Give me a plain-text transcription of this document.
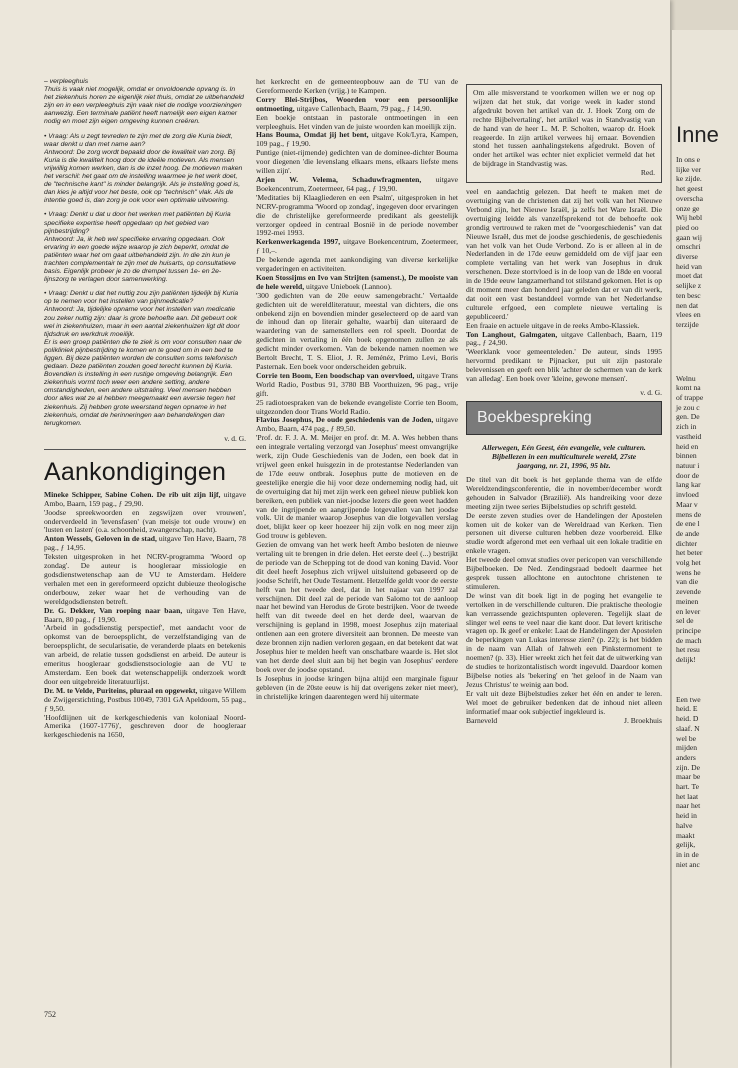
– verpleeghuis
Thuis is vaak niet mogelijk, omdat er onvoldoende opvang is. In het ziekenhuis horen ze eigenlijk niet thuis, omdat ze uitbehandeld zijn en in een verpleeghuis zijn vaak niet de nodige voorzieningen aanwezig. Een terminale patiënt heeft namelijk een eigen kamer nodig en moet zijn eigen omgeving kunnen creëren.

• Vraag: Als u zegt tevreden te zijn met de zorg die Kuria biedt, waar denkt u dan met name aan?
Antwoord: De zorg wordt bepaald door de kwaliteit van zorg. Bij Kuria is die kwaliteit hoog door de ideële motieven. Als mensen vrijwillig komen werken, dan is de inzet hoog. De motieven maken het verschil: het gaat om de instelling waarmee je het werk doet, de "technische kant" is minder belangrijk. Als je instelling goed is, dan kies je altijd voor het beste, ook op "technisch" vlak. Als de intentie goed is, dan zorg je ook voor een optimale uitvoering.

• Vraag: Denkt u dat u door het werken met patiënten bij Kuria specifieke expertise heeft opgedaan op het gebied van pijnbestrijding?
Antwoord: Ja, ik heb wel specifieke ervaring opgedaan. Ook ervaring in een goede wijze waarop je zich beperkt, omdat de patiënten waar het om gaat uitbehandeld zijn. In die zin kun je trachten complementair te zijn met de huisarts, op consultatieve basis. Eigenlijk probeer je zo de drempel tussen 1e- en 2e-lijnszorg te verlagen door samenwerking.

• Vraag: Denkt u dat het nuttig zou zijn patiënten tijdelijk bij Kuria op te nemen voor het instellen van pijnmedicatie?
Antwoord: Ja, tijdelijke opname voor het instellen van medicatie zou zeker nuttig zijn: daar is grote behoefte aan. Dit gebeurt ook wel in ziekenhuizen, maar in een aantal ziekenhuizen ligt dit door tijdsdruk en werkdruk moeilijk.
Er is een groep patiënten die te ziek is om voor consulten naar de polikliniek pijnbestrijding te komen en te goed om in een bed te liggen. Bij deze patiënten worden de consulten soms telefonisch gedaan. Deze patiënten zouden goed terecht kunnen bij Kuria.
Bovendien is instelling in een rustige omgeving belangrijk. Een ziekenhuis vormt toch weer een andere setting, andere omstandigheden, een andere uitstraling. Veel mensen hebben door alles wat ze al hebben meegemaakt een aversie tegen het ziekenhuis. Zij hebben grote weerstand tegen opname in het ziekenhuis, omdat de herinneringen aan behandelingen dan terugkomen.

v. d. G.
Aankondigingen

Mineke Schipper, Sabine Cohen. De rib uit zijn lijf, uitgave Ambo, Baarn, 159 pag., ƒ 29,90.
'Joodse spreekwoorden en zegswijzen over vrouwen', onderverdeeld in 'levensfasen' (van meisje tot oude vrouw) en 'lusten en lasten' (o.a. schoonheid, zwangerschap, nacht).

Anton Wessels, Geloven in de stad, uitgave Ten Have, Baarn, 78 pag., ƒ 14,95.
Teksten uitgesproken in het NCRV-programma 'Woord op zondag'. De auteur is hoogleraar missiologie en godsdienstwetenschap aan de VU te Amsterdam. Heldere verhalen met een in gereformeerd opzicht dubieuze theologische onderbouw, zeker waar het de verhouding van de wereldgodsdiensten betreft.

Dr. G. Dekker, Van roeping naar baan, uitgave Ten Have, Baarn, 80 pag., ƒ 19,90.
'Arbeid in godsdienstig perspectief', met aandacht voor de opkomst van de beroepsplicht, de verzelfstandiging van de beroepsplicht, de secularisatie, de veranderde plaats en betekenis van arbeid, de relatie tussen godsdienst en arbeid. De auteur is emeritus hoogleraar godsdienstsociologie aan de VU te Amsterdam. Een boek dat wetenschappelijk onderzoek wordt door een uitgebreide literatuurlijst.

Dr. M. te Velde, Puriteins, pluraal en opgewekt, uitgave Willem de Zwijgerstichting, Postbus 10049, 7301 GA Apeldoorn, 55 pag., ƒ 9,50.
'Hoofdlijnen uit de kerkgeschiedenis van koloniaal Noord-Amerika (1607-1776)', geschreven door de hoogleraar kerkgeschiedenis na 1650,

752

het kerkrecht en de gemeenteopbouw aan de TU van de Gereformeerde Kerken (vrijg.) te Kampen.

Corry Blei-Strijbos, Woorden voor een persoonlijke ontmoeting, uitgave Callenbach, Baarn, 79 pag., ƒ 14,90.
Een boekje ontstaan in pastorale ontmoetingen in een verpleeghuis. Het vinden van de juiste woorden kan moeilijk zijn.

Hans Bouma, Omdat jij het bent, uitgave Kok/Lyra, Kampen, 109 pag., ƒ 19,90.
Puntige (niet-rijmende) gedichten van de dominee-dichter Bouma voor diegenen 'die levenslang elkaars mens, elkaars liefste mens willen zijn'.

Arjen W. Velema, Schaduwfragmenten, uitgave Boekencentrum, Zoetermeer, 64 pag., ƒ 19,90.
'Meditaties bij Klaagliederen en een Psalm', uitgesproken in het NCRV-programma 'Woord op zondag', ingegeven door ervaringen die de christelijke gereformeerde predikant als geestelijk verzorger opdeed in centraal Bosnië in de periode november 1992-mei 1993.

Kerkenwerkagenda 1997, uitgave Boekencentrum, Zoetermeer, ƒ 10,–.
De bekende agenda met aankondiging van diverse kerkelijke vergaderingen en activiteiten.

Koen Stossijms en Ivo van Strijten (samenst.), De mooiste van de hele wereld, uitgave Unieboek (Lannoo).
'300 gedichten van de 20e eeuw samengebracht.' Vertaalde gedichten uit de wereldliteratuur, meestal van dichters, die ons onbekend zijn en bovendien minder geselecteerd op de aard van de inhoud dan op literair gehalte, waarbij dan uiteraard de waardering van de samenstellers een rol speelt. Doordat de gedichten in vertaling in één boek opgenomen zullen ze als gedicht minder overkomen. Van de bekende namen noemen we Bertolt Brecht, T. S. Eliot, J. R. Jeménéz, Primo Levi, Boris Pasternak. Een boek voor onderscheiden gebruik.

Corrie ten Boom, Een boodschap van overvloed, uitgave Trans World Radio, Postbus 91, 3780 BB Voorthuizen, 96 pag., vrije gift.
25 radiotoespraken van de bekende evangeliste Corrie ten Boom, uitgezonden door Trans World Radio.

Flavius Josephus, De oude geschiedenis van de Joden, uitgave Ambo, Baarn, 474 pag., ƒ 89,50.
'Prof. dr. F. J. A. M. Meijer en prof. dr. M. A. Wes hebben thans een integrale vertaling verzorgd van Josephus' meest omvangrijke werk, zijn Oude Geschiedenis van de Joden, een boek dat in vrijwel geen enkel huisgezin in de protestantse Nederlanden van de 17de eeuw ontbrak. Josephus putte de motieven en de geestelijke energie die hij voor deze onderneming nodig had, uit de overtuiging dat hij met zijn werk een geheel nieuw publiek kon bereiken, een publiek van niet-joodse lezers die geen weet hadden van de ingrijpende en aangrijpende lotgevallen van het joodse volk. Uit de manier waarop Josephus van die lotgevallen verslag doet, blijkt keer op keer hoezeer hij zijn volk en nog meer zijn God trouw is gebleven.
Gezien de omvang van het werk heeft Ambo besloten de nieuwe vertaling uit te brengen in drie delen. Het eerste deel (...) bestrijkt de periode van de Schepping tot de dood van koning David. Voor dit deel heeft Josephus zich vrijwel uitsluitend gebaseerd op de joodse Schrift, het Oude Testament. Hetzelfde geldt voor de eerste helft van het tweede deel, dat in het najaar van 1997 zal verschijnen. Dit deel zal de periode van Salomo tot de aanloop naar het bewind van Herodus de Grote bestrijken. Voor de tweede helft van dit tweede deel en het derde deel, waarvan de verschijning is gepland in 1998, moest Josephus zijn materiaal ontlenen aan een grotere diversiteit aan bronnen. De meeste van deze bronnen zijn nadien verloren gegaan, en dat betekent dat wat Josephus hier te melden heeft van onschatbare waarde is. Het slot van het derde deel sluit aan bij het begin van Josephus' eerdere boek over de joodse opstand.
Is Josephus in joodse kringen bijna altijd een marginale figuur gebleven (in de 20ste eeuw is hij dat overigens zeker niet meer), in christelijke kringen daarentegen werd hij uitermate

Om alle misverstand te voorkomen willen we er nog op wijzen dat het stuk, dat vorige week in kader stond afgedrukt boven het artikel van dr. J. Hoek 'Zorg om de rechte Bijbelvertaling', het artikel was in Standvastig van de hand van de heer L. M. P. Scholten, waarop dr. Hoek reageerde. In zijn artikel verwees hij ernaar. Bovendien stond het tussen aanhalingstekens afgedrukt. Boven of onder het artikel was echter niet expliciet vermeld dat het de bijdrage in Standvastig was.
Red.
veel en aandachtig gelezen. Dat heeft te maken met de overtuiging van de christenen dat zij het volk van het Nieuwe Verbond zijn, het Nieuwe Israël, ja zelfs het Ware Israël. Die overtuiging leidde als vanzelfsprekend tot de behoefte ook grondig vertrouwd te raken met de "voorgeschiedenis" van dat Nieuwe Israël, dus met de joodse geschiedenis, de geschiedenis van het volk van het Oude Verbond. Zo is er alleen al in de Nederlanden in de 17de eeuw gemiddeld om de vijf jaar een complete vertaling van het werk van Josephus in druk verschenen. Deze stortvloed is in de loop van de 18de en vooral in de 19de eeuw langzamerhand tot stilstand gekomen. Het is op dit moment meer dan honderd jaar geleden dat er van dit werk, dat ooit een vast bestanddeel vormde van het Nederlandse culturele erfgoed, een complete nieuwe vertaling is gepubliceerd.'
Een fraaie en actuele uitgave in de reeks Ambo-Klassiek.
Ton Langhout, Galmgaten, uitgave Callenbach, Baarn, 119 pag., ƒ 24,90.
'Weerklank voor gemeenteleden.' De auteur, sinds 1995 hervormd predikant te Pijnacker, put uit zijn pastorale belevenissen en geeft een blik 'achter de schermen van de kerk van alledag'. Een boek over 'kleine, gewone mensen'.
v. d. G.
Boekbespreking
Allerwegen, Eén Geest, één evangelie, vele culturen. Bijbellezen in een multiculturele wereld, 27ste jaargang, nr. 21, 1996, 95 blz.
De titel van dit boek is het geplande thema van de elfde Wereldzendingsconferentie, die in november/december wordt gehouden in Salvador (Brazilië). Als handreiking voor deze meeting zijn twee series Bijbelstudies op schrift gesteld.
De eerste zeven studies over de Handelingen der Apostelen komen uit de koker van de Wereldraad van Kerken. Tien personen uit diverse culturen hebben deze voorbereid. Elke studie wordt afgerond met een verhaal uit een lokale traditie en enkele vragen.
Het tweede deel omvat studies over pericopen van verschillende Bijbelboeken. De Ned. Zendingsraad bedoelt daarmee het gesprek tussen allochtone en autochtone christenen te stimuleren.
De winst van dit boek ligt in de poging het evangelie te vertolken in de verschillende culturen. Die praktische theologie kan verrassende gezichtspunten opleveren. Tegelijk slaat de slinger wel eens te veel naar die kant door. Dat levert kritische vragen op. Ik geef er enkele: Laat de Handelingen der Apostelen de beperkingen van Lukas interesse zien? (p. 22); is het bidden in de naam van Allah of Jahweh een Pinkstermoment te noemen? (p. 33). Hier wreekt zich het feit dat de uitwerking van de studies te horizontalistisch wordt ingevuld. Daardoor komen Bijbelse noties als 'bekering' en 'het geloof in de Naam van Jezus Christus' te weinig aan bod.
Er valt uit deze Bijbelstudies zeker het één en ander te leren. Wel moet de gebruiker bedenken dat de inhoud niet alleen informatief maar ook subjectief ingekleurd is.
Barneveld	J. Broekhuis
Inne
In ons e
lijke ver
ke zijde.
het geest
overscha
onze ge
Wij hebl
pied oo
gaan wij
omschri
diverse
heid van
moet dat
selijke z
ten besc
nen dat
vlees en
terzijde
Welnu
komt na
of trappe
je zou c
gen. De
zich in
vastheid
heid en
binnen
natuur i
door de
lang kar
invloed
Maar v
mens de
de ene l
de ande
dichter
het beter
volg het
wens he
van die
zevende
meinen
en lever
sel de
principe
de mach
het resu
delijk!
Een twe
heid. E
heid. D
slaaf. N
wel be
mijden
anders
zijn. De
maar be
hart. Te
het laat
naar het
heid in
halve
maakt
gelijk,
in in de
niet anc
